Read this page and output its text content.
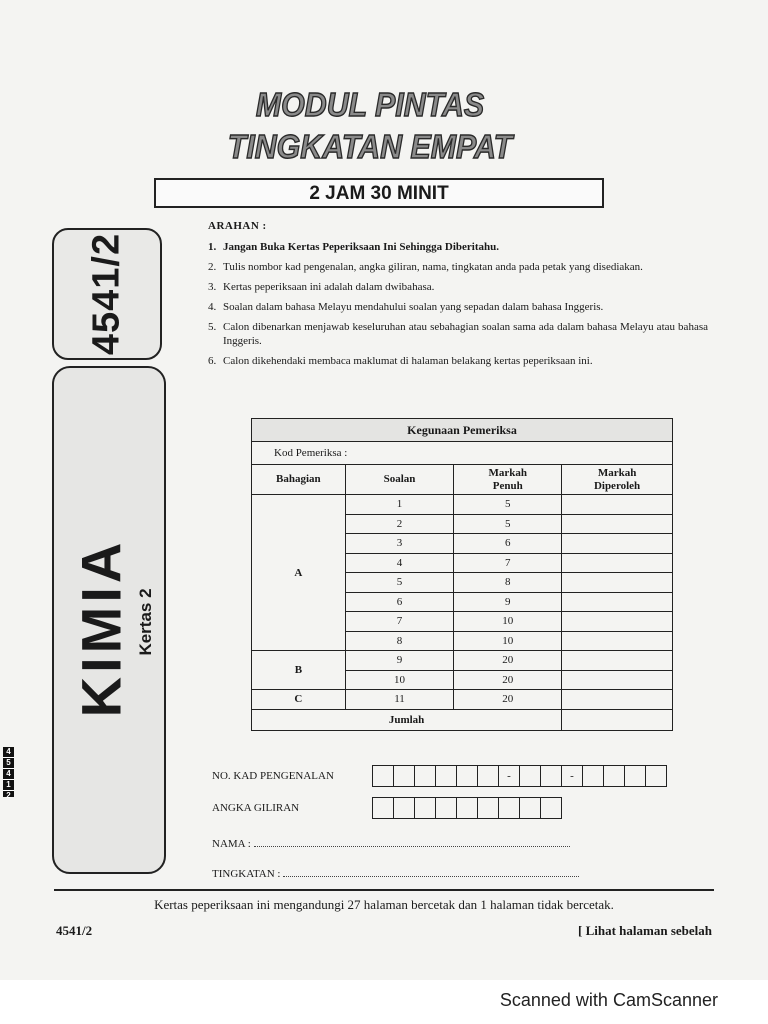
MODUL PINTAS
TINGKATAN EMPAT
2 JAM 30 MINIT
4541/2
KIMIA Kertas 2
4
5
4
1
2
ARAHAN :
1. Jangan Buka Kertas Peperiksaan Ini Sehingga Diberitahu.
2. Tulis nombor kad pengenalan, angka giliran, nama, tingkatan anda pada petak yang disediakan.
3. Kertas peperiksaan ini adalah dalam dwibahasa.
4. Soalan dalam bahasa Melayu mendahului soalan yang sepadan dalam bahasa Inggeris.
5. Calon dibenarkan menjawab keseluruhan atau sebahagian soalan sama ada dalam bahasa Melayu atau bahasa Inggeris.
6. Calon dikehendaki membaca maklumat di halaman belakang kertas peperiksaan ini.
Kegunaan Pemeriksa			
Kod Pemeriksa :			
Bahagian	Soalan	Markah Penuh	Markah Diperoleh
A	1	5	
	2	5	
	3	6	
	4	7	
	5	8	
	6	9	
	7	10	
	8	10	
B	9	20	
	10	20	
C	11	20	
Jumlah			
NO. KAD PENGENALAN	-	-
ANGKA GILIRAN
NAMA :
TINGKATAN :
Kertas peperiksaan ini mengandungi 27 halaman bercetak dan 1 halaman tidak bercetak.
4541/2	[ Lihat halaman sebelah
Scanned with CamScanner
